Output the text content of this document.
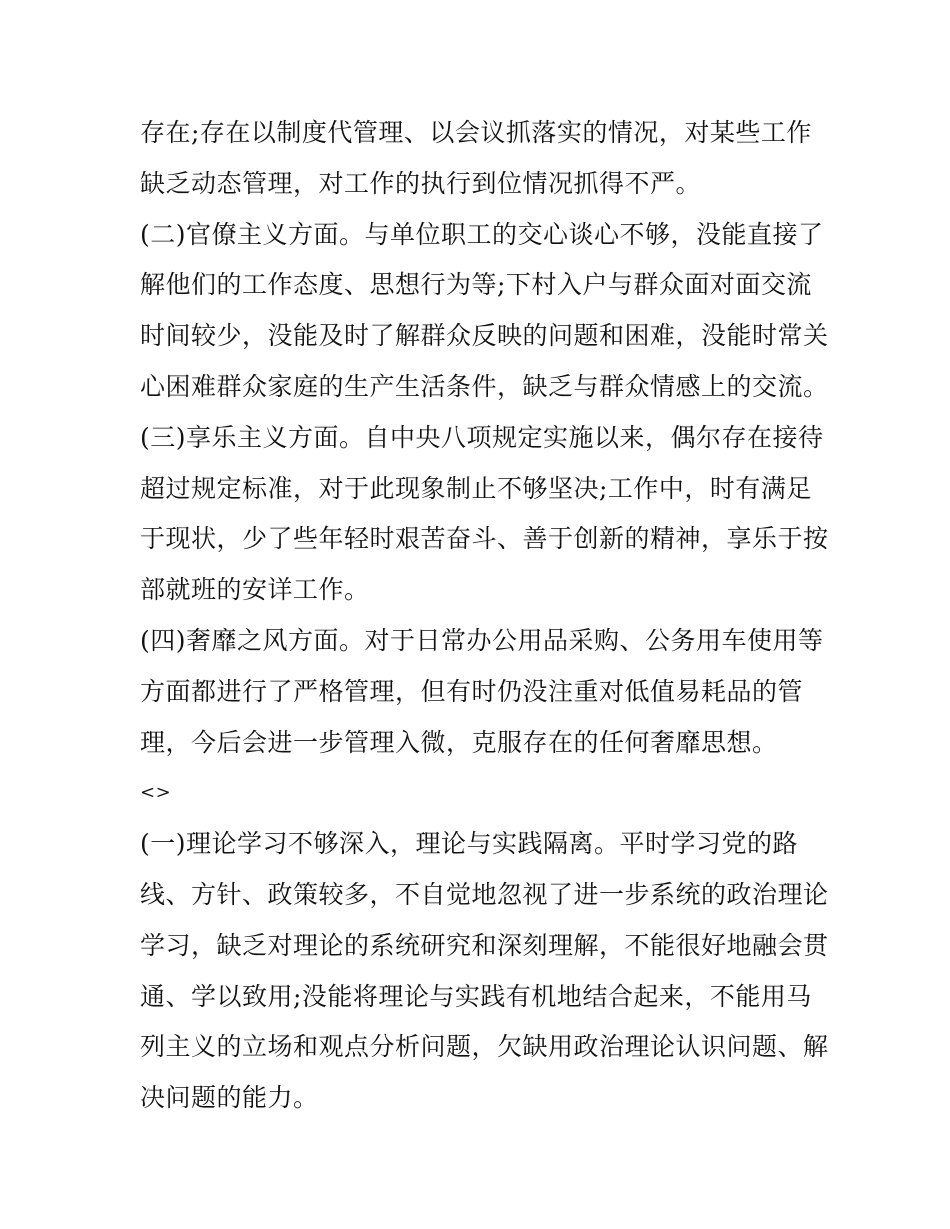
存在;存在以制度代管理、以会议抓落实的情况，对某些工作
缺乏动态管理，对工作的执行到位情况抓得不严。
(二)官僚主义方面。与单位职工的交心谈心不够，没能直接了
解他们的工作态度、思想行为等;下村入户与群众面对面交流
时间较少，没能及时了解群众反映的问题和困难，没能时常关
心困难群众家庭的生产生活条件，缺乏与群众情感上的交流。
(三)享乐主义方面。自中央八项规定实施以来，偶尔存在接待
超过规定标准，对于此现象制止不够坚决;工作中，时有满足
于现状，少了些年轻时艰苦奋斗、善于创新的精神，享乐于按
部就班的安详工作。
(四)奢靡之风方面。对于日常办公用品采购、公务用车使用等
方面都进行了严格管理，但有时仍没注重对低值易耗品的管
理，今后会进一步管理入微，克服存在的任何奢靡思想。
<>
(一)理论学习不够深入，理论与实践隔离。平时学习党的路
线、方针、政策较多，不自觉地忽视了进一步系统的政治理论
学习，缺乏对理论的系统研究和深刻理解，不能很好地融会贯
通、学以致用;没能将理论与实践有机地结合起来，不能用马
列主义的立场和观点分析问题，欠缺用政治理论认识问题、解
决问题的能力。
